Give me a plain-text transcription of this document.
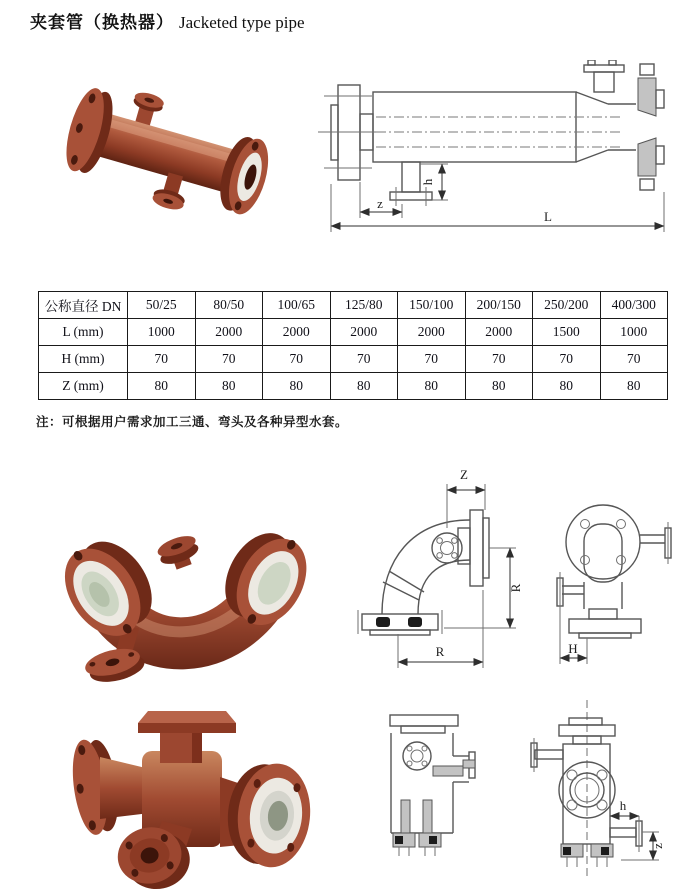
夹套管（换热器） Jacketed type pipe
h
z
L
公称直径 DN	50/25	80/50	100/65	125/80	150/100	200/150	250/200	400/300
L (mm)	1000	2000	2000	2000	2000	2000	1500	1000
H (mm)	70	70	70	70	70	70	70	70
Z (mm)	80	80	80	80	80	80	80	80
注：可根据用户需求加工三通、弯头及各种异型水套。
Z
R
R	H
h
z
